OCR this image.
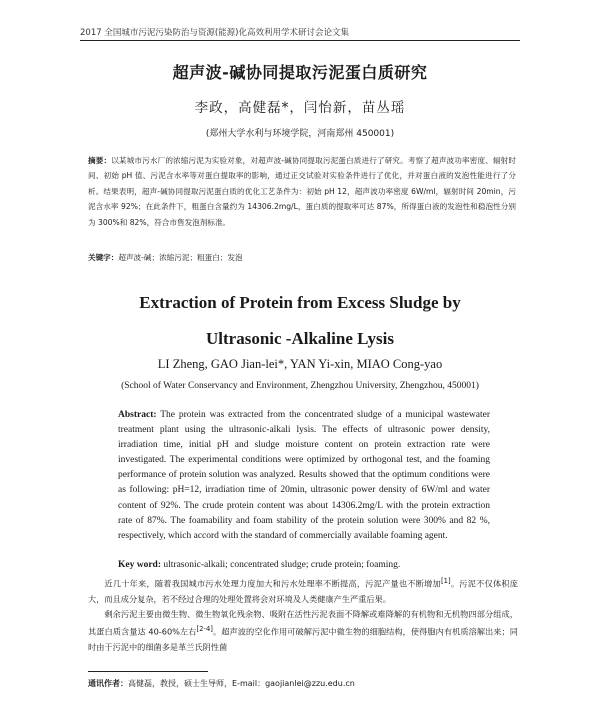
2017 全国城市污泥污染防治与资源(能源)化高效利用学术研讨会论文集
超声波-碱协同提取污泥蛋白质研究
李政，高健磊*，闫怡新，苗丛瑶
(郑州大学水利与环境学院，河南郑州 450001)
摘要：以某城市污水厂的浓缩污泥为实验对象，对超声波-碱协同提取污泥蛋白质进行了研究。考察了超声波功率密度、辐射时间、初始 pH 值、污泥含水率等对蛋白提取率的影响，通过正交试验对实验条件进行了优化，并对蛋白液的发泡性能进行了分析。结果表明，超声-碱协同提取污泥蛋白质的优化工艺条件为：初始 pH 12，超声波功率密度 6W/ml，辐射时间 20min，污泥含水率 92%；在此条件下，粗蛋白含量约为 14306.2mg/L，蛋白质的提取率可达 87%，所得蛋白液的发泡性和稳泡性分别为 300%和 82%，符合市售发泡剂标准。
关键字：超声波-碱；浓缩污泥；粗蛋白；发泡
Extraction of Protein from Excess Sludge by
Ultrasonic -Alkaline Lysis
LI Zheng, GAO Jian-lei*, YAN Yi-xin, MIAO Cong-yao
(School of Water Conservancy and Environment, Zhengzhou University, Zhengzhou, 450001)
Abstract: The protein was extracted from the concentrated sludge of a municipal wastewater treatment plant using the ultrasonic-alkali lysis. The effects of ultrasonic power density, irradiation time, initial pH and sludge moisture content on protein extraction rate were investigated. The experimental conditions were optimized by orthogonal test, and the foaming performance of protein solution was analyzed. Results showed that the optimum conditions were as following: pH=12, irradiation time of 20min, ultrasonic power density of 6W/ml and water content of 92%. The crude protein content was about 14306.2mg/L with the protein extraction rate of 87%. The foamability and foam stability of the protein solution were 300% and 82 %, respectively, which accord with the standard of commercially available foaming agent.
Key word: ultrasonic-alkali; concentrated sludge; crude protein; foaming.

近几十年来，随着我国城市污水处理力度加大和污水处理率不断提高，污泥产量也不断增加[1]。污泥不仅体积庞大，而且成分复杂，若不经过合理的处理处置将会对环境及人类健康产生严重后果。

剩余污泥主要由微生物、微生物氧化残余物、吸附在活性污泥表面不降解或难降解的有机物和无机物四部分组成，其蛋白质含量达 40-60%左右[2-4]。超声波的空化作用可破解污泥中微生物的细胞结构，使得胞内有机质溶解出来；同时由于污泥中的细菌多是革兰氏阴性菌

通讯作者：高健磊，教授，硕士生导师，E-mail：gaojianlei@zzu.edu.cn
